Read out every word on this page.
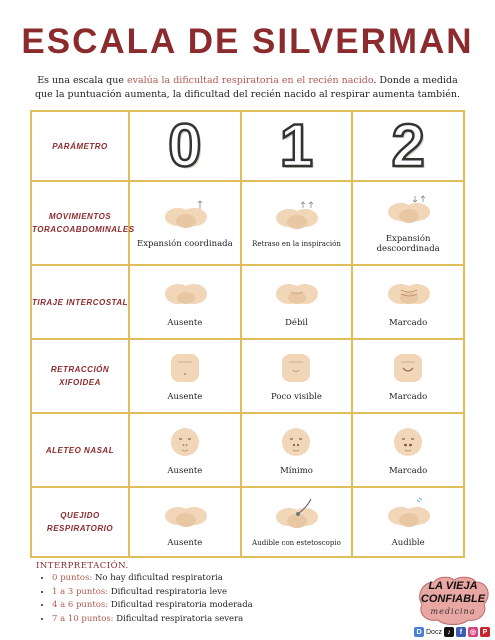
ESCALA DE SILVERMAN
Es una escala que evalúa la dificultad respiratoria en el recién nacido. Donde a medida que la puntuación aumenta, la dificultad del recién nacido al respirar aumenta también.
PARÁMETRO	0	1	2
MOVIMIENTOS TORACOABDOMINALES	Expansión coordinada	Retraso en la inspiración	Expansión descoordinada

TIRAJE INTERCOSTAL	Ausente	Débil	Marcado

RETRACCIÓN XIFOIDEA	Ausente	Poco visible	Marcado

ALETEO NASAL	Ausente	Mínimo	Marcado

QUEJIDO RESPIRATORIO	Ausente	Audible con estetoscopio	Audible
INTERPRETACIÓN.
• 0 puntos: No hay dificultad respiratoria
• 1 a 3 puntos: Dificultad respiratoria leve
• 4 a 6 puntos: Dificultad respiratoria moderada
• 7 a 10 puntos: Dificultad respiratoria severa
LA VIEJA
CONFIABLE
medicina
D Docz ♪	f	◎ P
